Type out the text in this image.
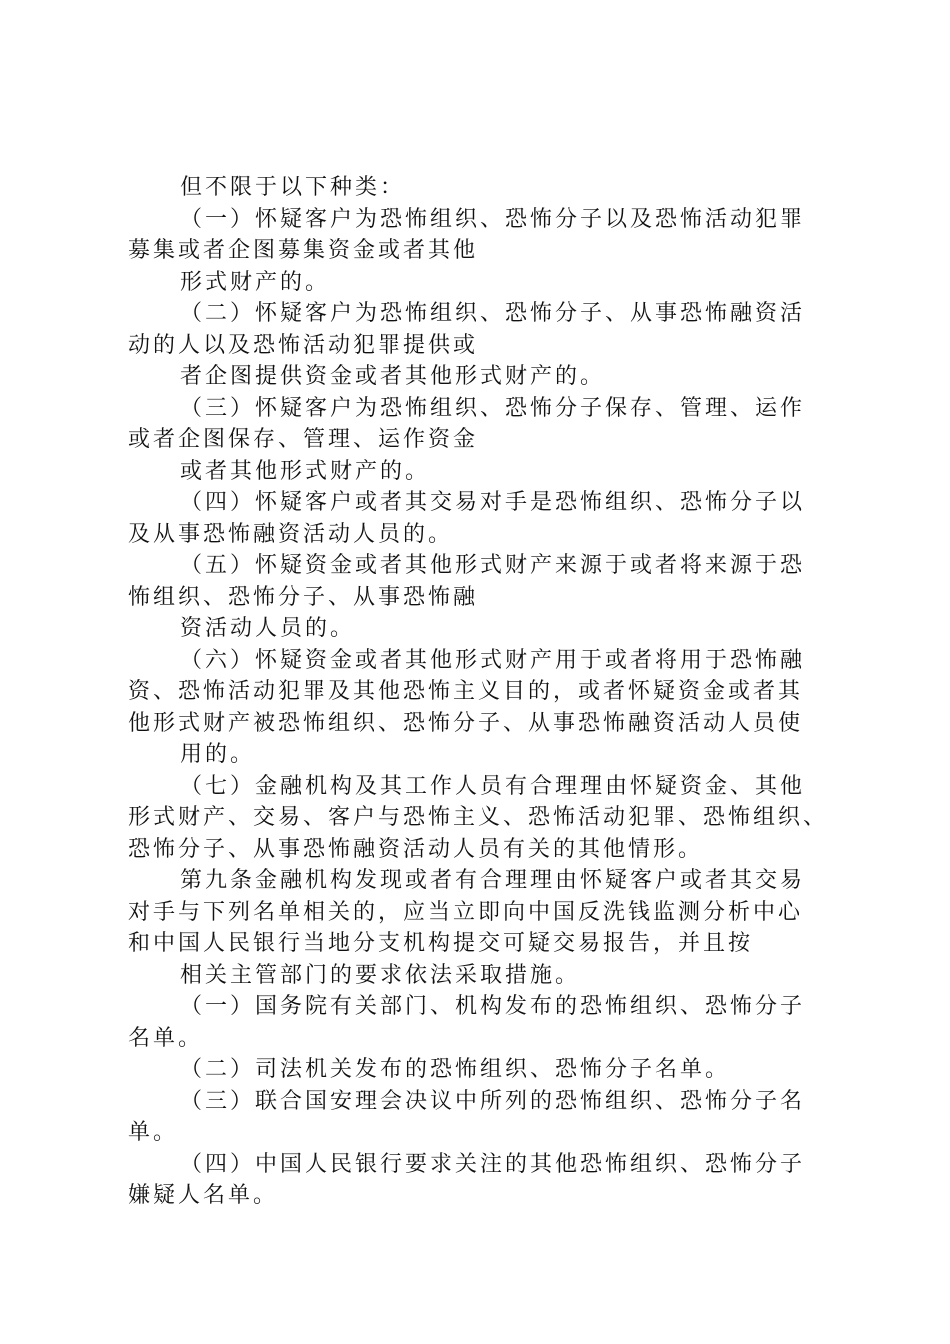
但不限于以下种类：
（一）怀疑客户为恐怖组织、恐怖分子以及恐怖活动犯罪
募集或者企图募集资金或者其他
形式财产的。
（二）怀疑客户为恐怖组织、恐怖分子、从事恐怖融资活
动的人以及恐怖活动犯罪提供或
者企图提供资金或者其他形式财产的。
（三）怀疑客户为恐怖组织、恐怖分子保存、管理、运作
或者企图保存、管理、运作资金
或者其他形式财产的。
（四）怀疑客户或者其交易对手是恐怖组织、恐怖分子以
及从事恐怖融资活动人员的。
（五）怀疑资金或者其他形式财产来源于或者将来源于恐
怖组织、恐怖分子、从事恐怖融
资活动人员的。
（六）怀疑资金或者其他形式财产用于或者将用于恐怖融
资、恐怖活动犯罪及其他恐怖主义目的，或者怀疑资金或者其
他形式财产被恐怖组织、恐怖分子、从事恐怖融资活动人员使
用的。
（七）金融机构及其工作人员有合理理由怀疑资金、其他
形式财产、交易、客户与恐怖主义、恐怖活动犯罪、恐怖组织、
恐怖分子、从事恐怖融资活动人员有关的其他情形。
第九条金融机构发现或者有合理理由怀疑客户或者其交易
对手与下列名单相关的，应当立即向中国反洗钱监测分析中心
和中国人民银行当地分支机构提交可疑交易报告，并且按
相关主管部门的要求依法采取措施。
（一）国务院有关部门、机构发布的恐怖组织、恐怖分子
名单。
（二）司法机关发布的恐怖组织、恐怖分子名单。
（三）联合国安理会决议中所列的恐怖组织、恐怖分子名
单。
（四）中国人民银行要求关注的其他恐怖组织、恐怖分子
嫌疑人名单。
